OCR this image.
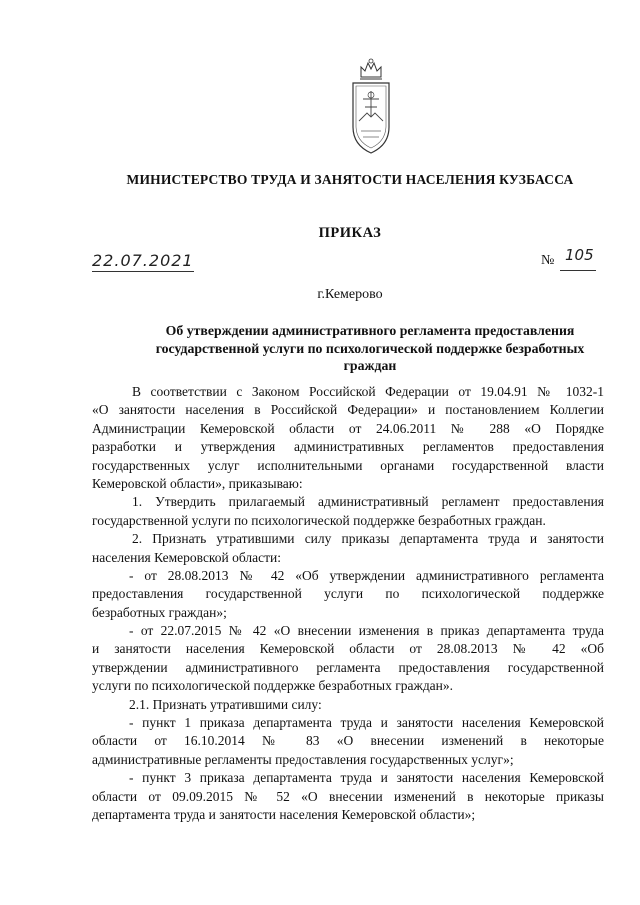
МИНИСТЕРСТВО ТРУДА И ЗАНЯТОСТИ НАСЕЛЕНИЯ КУЗБАССА
ПРИКАЗ
22.07.2021	№ 105
г.Кемерово
Об утверждении административного регламента предоставления
государственной услуги по психологической поддержке безработных
граждан
В соответствии с Законом Российской Федерации от 19.04.91 № 1032-1
«О занятости населения в Российской Федерации» и постановлением Коллегии
Администрации Кемеровской области от 24.06.2011 № 288 «О Порядке
разработки и утверждения административных регламентов предоставления
государственных услуг исполнительными органами государственной власти
Кемеровской области», приказываю:
1. Утвердить прилагаемый административный регламент предоставления
государственной услуги по психологической поддержке безработных граждан.
2. Признать утратившими силу приказы департамента труда и занятости
населения Кемеровской области:
- от 28.08.2013 № 42 «Об утверждении административного регламента
предоставления государственной услуги по психологической поддержке
безработных граждан»;
- от 22.07.2015 № 42 «О внесении изменения в приказ департамента труда
и занятости населения Кемеровской области от 28.08.2013 № 42 «Об
утверждении административного регламента предоставления государственной
услуги по психологической поддержке безработных граждан».
2.1. Признать утратившими силу:
- пункт 1 приказа департамента труда и занятости населения Кемеровской
области от 16.10.2014 № 83 «О внесении изменений в некоторые
административные регламенты предоставления государственных услуг»;
- пункт 3 приказа департамента труда и занятости населения Кемеровской
области от 09.09.2015 № 52 «О внесении изменений в некоторые приказы
департамента труда и занятости населения Кемеровской области»;
